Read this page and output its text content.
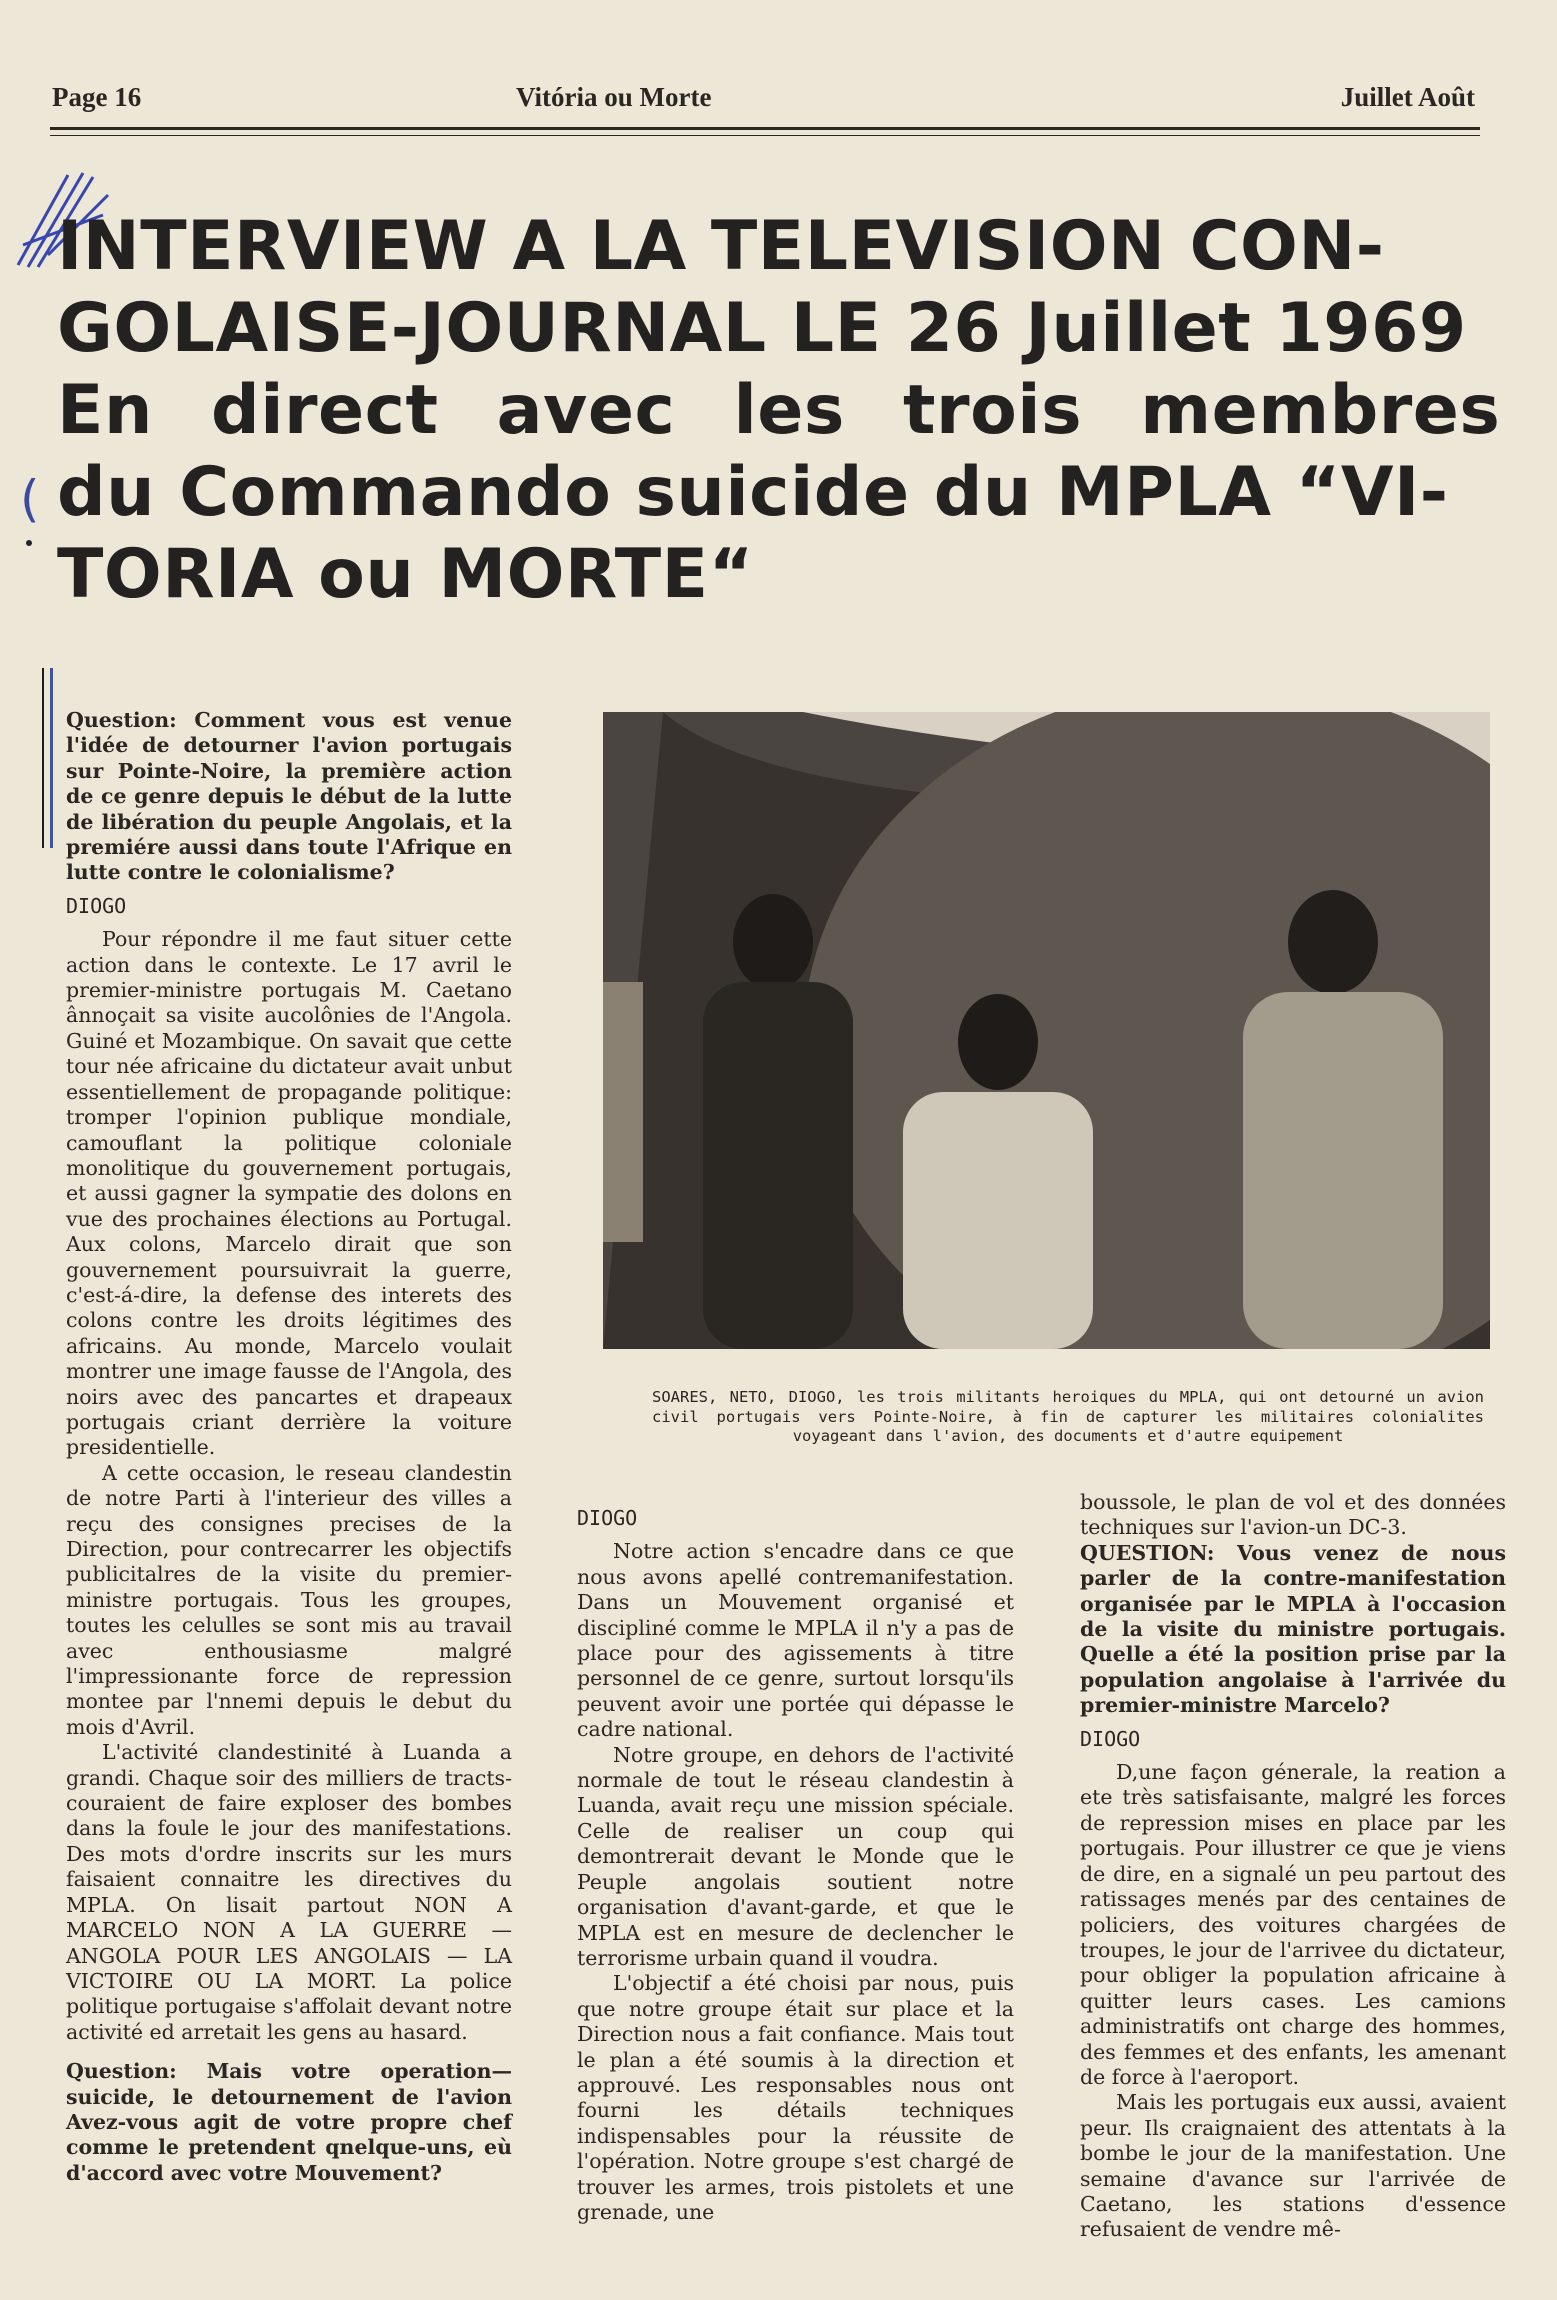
Page 16	Vitória ou Morte	Juillet Août
(
INTERVIEW A LA TELEVISION CON-
GOLAISE-JOURNAL LE 26 Juillet 1969
En direct avec les trois membres
du Commando suicide du MPLA “VI-
TORIA ou MORTE“
SOARES, NETO, DIOGO, les trois militants heroiques du MPLA, qui ont detourné un avion civil portugais vers Pointe-Noire, à fin de capturer les militaires colonialites voyageant dans l'avion, des documents et d'autre equipement

Question: Comment vous est venue l'idée de detourner l'avion portugais sur Pointe-Noire, la première action de ce genre depuis le début de la lutte de libération du peuple Angolais, et la premiére aussi dans toute l'Afrique en lutte contre le colonialisme?

DIOGO

Pour répondre il me faut situer cette action dans le contexte. Le 17 avril le premier-ministre portugais M. Caetano ânnoçait sa visite aucolônies de l'Angola. Guiné et Mozambique. On savait que cette tour née africaine du dictateur avait unbut essentiellement de propagande politique: tromper l'opinion publique mondiale, camouflant la politique coloniale monolitique du gouvernement portugais, et aussi gagner la sympatie des dolons en vue des prochaines élections au Portugal. Aux colons, Marcelo dirait que son gouvernement poursuivrait la guerre, c'est-á-dire, la defense des interets des colons contre les droits légitimes des africains. Au monde, Marcelo voulait montrer une image fausse de l'Angola, des noirs avec des pancartes et drapeaux portugais criant derrière la voiture presidentielle.

A cette occasion, le reseau clandestin de notre Parti à l'interieur des villes a reçu des consignes precises de la Direction, pour contrecarrer les objectifs publicitalres de la visite du premier-ministre portugais. Tous les groupes, toutes les celulles se sont mis au travail avec enthousiasme malgré l'impressionante force de repression montee par l'nnemi depuis le debut du mois d'Avril.

L'activité clandestinité à Luanda a grandi. Chaque soir des milliers de tracts-couraient de faire exploser des bombes dans la foule le jour des manifestations. Des mots d'ordre inscrits sur les murs faisaient connaitre les directives du MPLA. On lisait partout NON A MARCELO NON A LA GUERRE — ANGOLA POUR LES ANGOLAIS — LA VICTOIRE OU LA MORT. La police politique portugaise s'affolait devant notre activité ed arretait les gens au hasard.

Question: Mais votre operation—suicide, le detournement de l'avion Avez-vous agit de votre propre chef comme le pretendent qnelque-uns, eù d'accord avec votre Mouvement?

DIOGO

Notre action s'encadre dans ce que nous avons apellé contremanifestation. Dans un Mouvement organisé et discipliné comme le MPLA il n'y a pas de place pour des agissements à titre personnel de ce genre, surtout lorsqu'ils peuvent avoir une portée qui dépasse le cadre national.

Notre groupe, en dehors de l'activité normale de tout le réseau clandestin à Luanda, avait reçu une mission spéciale. Celle de realiser un coup qui demontrerait devant le Monde que le Peuple angolais soutient notre organisation d'avant-garde, et que le MPLA est en mesure de declencher le terrorisme urbain quand il voudra.

L'objectif a été choisi par nous, puis que notre groupe était sur place et la Direction nous a fait confiance. Mais tout le plan a été soumis à la direction et approuvé. Les responsables nous ont fourni les détails techniques indispensables pour la réussite de l'opération. Notre groupe s'est chargé de trouver les armes, trois pistolets et une grenade, une

boussole, le plan de vol et des données techniques sur l'avion-un DC-3.

QUESTION: Vous venez de nous parler de la contre-manifestation organisée par le MPLA à l'occasion de la visite du ministre portugais. Quelle a été la position prise par la population angolaise à l'arrivée du premier-ministre Marcelo?

DIOGO

D,une façon génerale, la reation a ete très satisfaisante, malgré les forces de repression mises en place par les portugais. Pour illustrer ce que je viens de dire, en a signalé un peu partout des ratissages menés par des centaines de policiers, des voitures chargées de troupes, le jour de l'arrivee du dictateur, pour obliger la population africaine à quitter leurs cases. Les camions administratifs ont charge des hommes, des femmes et des enfants, les amenant de force à l'aeroport.

Mais les portugais eux aussi, avaient peur. Ils craignaient des attentats à la bombe le jour de la manifestation. Une semaine d'avance sur l'arrivée de Caetano, les stations d'essence refusaient de vendre mê-
